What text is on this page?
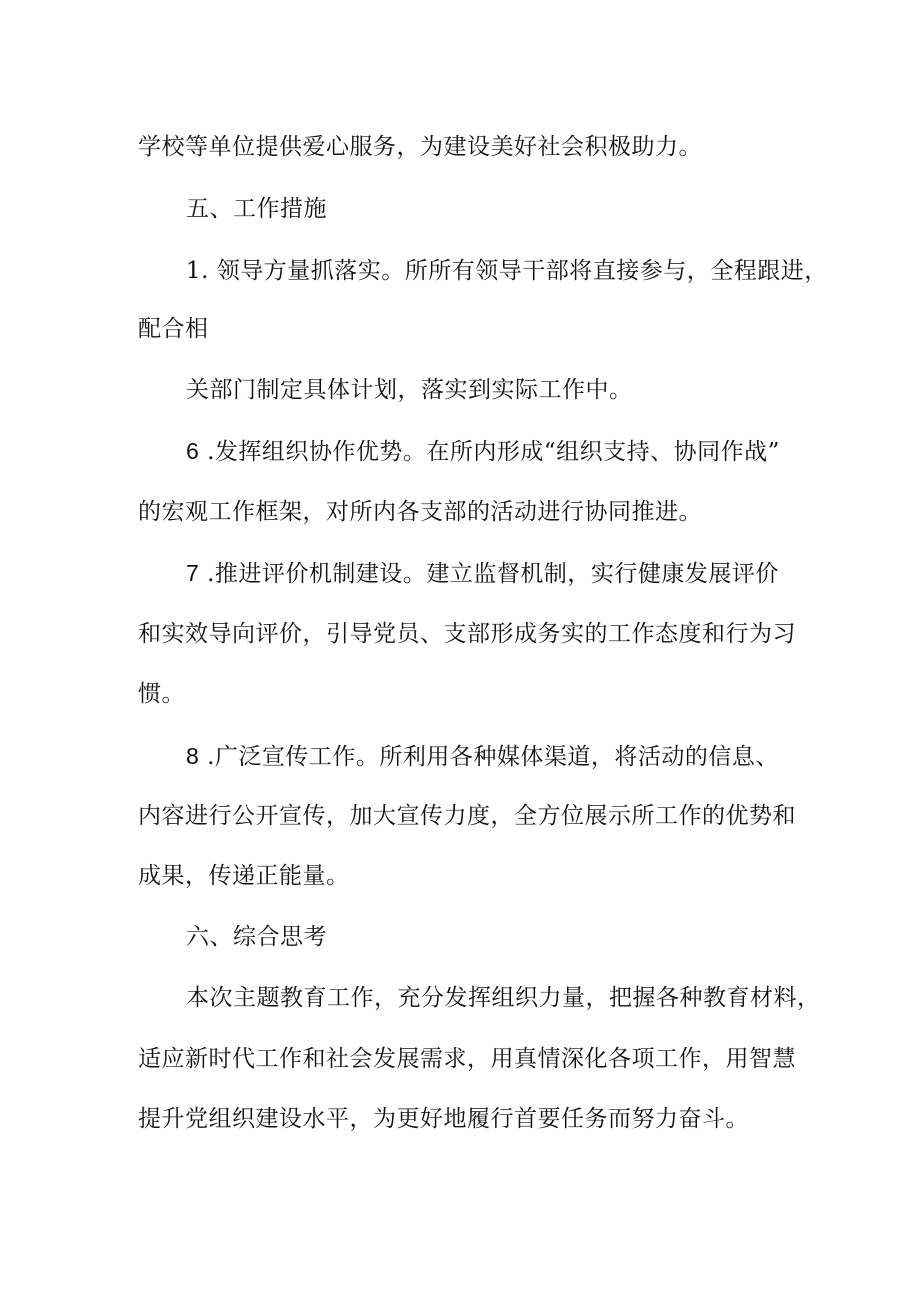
学校等单位提供爱心服务，为建设美好社会积极助力。
五、工作措施
1. 领导方量抓落实。所所有领导干部将直接参与，全程跟进，
配合相
关部门制定具体计划，落实到实际工作中。
6 .发挥组织协作优势。在所内形成“组织支持、协同作战”
的宏观工作框架，对所内各支部的活动进行协同推进。
7 .推进评价机制建设。建立监督机制，实行健康发展评价
和实效导向评价，引导党员、支部形成务实的工作态度和行为习
惯。
8 .广泛宣传工作。所利用各种媒体渠道，将活动的信息、
内容进行公开宣传，加大宣传力度，全方位展示所工作的优势和
成果，传递正能量。
六、综合思考
本次主题教育工作，充分发挥组织力量，把握各种教育材料，
适应新时代工作和社会发展需求，用真情深化各项工作，用智慧
提升党组织建设水平，为更好地履行首要任务而努力奋斗。
